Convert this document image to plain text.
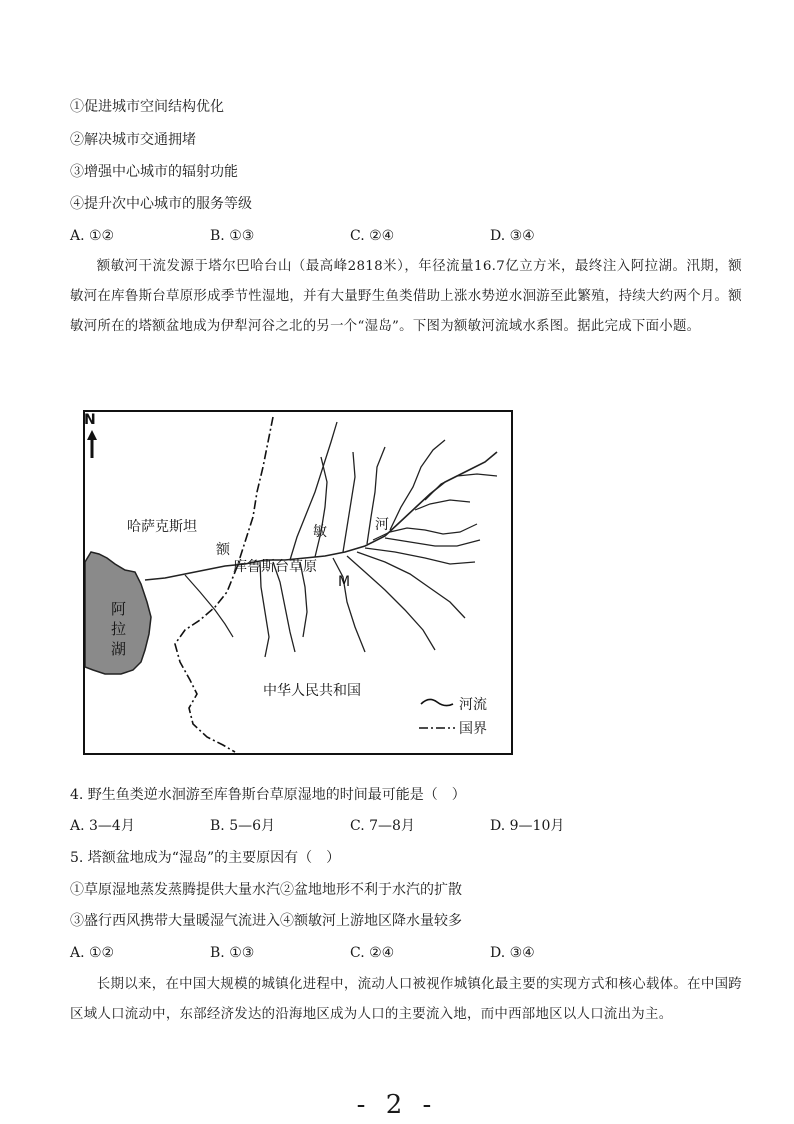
①促进城市空间结构优化
②解决城市交通拥堵
③增强中心城市的辐射功能
④提升次中心城市的服务等级
A. ①②	B. ①③	C. ②④	D. ③④
额敏河干流发源于塔尔巴哈台山（最高峰2818米），年径流量16.7亿立方米，最终注入阿拉湖。汛期，额敏河在库鲁斯台草原形成季节性湿地，并有大量野生鱼类借助上涨水势逆水洄游至此繁殖，持续大约两个月。额敏河所在的塔额盆地成为伊犁河谷之北的另一个“湿岛”。下图为额敏河流域水系图。据此完成下面小题。
N
哈萨克斯坦
阿
拉
湖
额
敏	河
库鲁斯台草原
M
中华人民共和国
河流
国界
4. 野生鱼类逆水洄游至库鲁斯台草原湿地的时间最可能是（　）
A. 3—4月	B. 5—6月	C. 7—8月	D. 9—10月
5. 塔额盆地成为“湿岛”的主要原因有（　）
①草原湿地蒸发蒸腾提供大量水汽②盆地地形不利于水汽的扩散
③盛行西风携带大量暖湿气流进入④额敏河上游地区降水量较多
A. ①②	B. ①③	C. ②④	D. ③④
长期以来，在中国大规模的城镇化进程中，流动人口被视作城镇化最主要的实现方式和核心载体。在中国跨区域人口流动中，东部经济发达的沿海地区成为人口的主要流入地，而中西部地区以人口流出为主。
- 2 -
